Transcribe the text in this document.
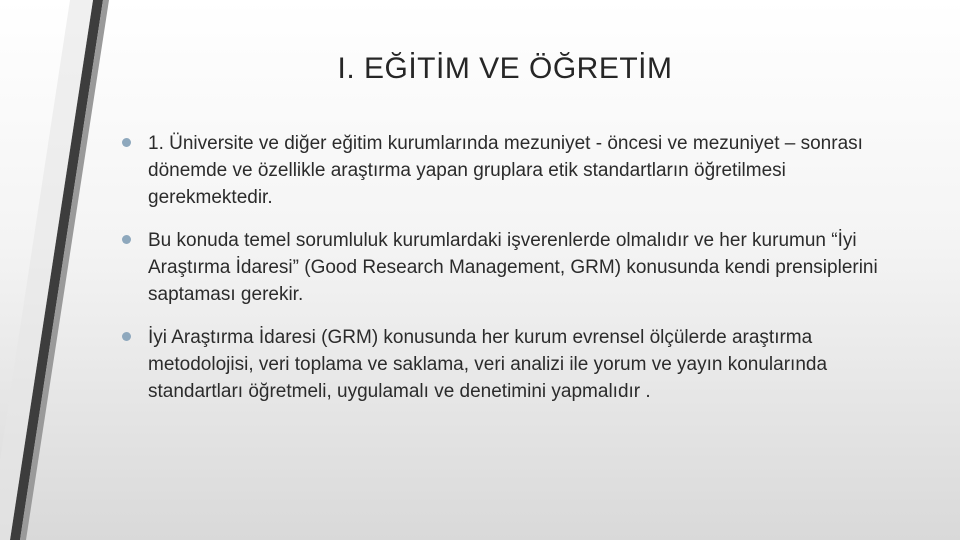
I. EĞİTİM VE ÖĞRETİM
1. Üniversite ve diğer eğitim kurumlarında mezuniyet - öncesi ve mezuniyet – sonrası dönemde ve özellikle araştırma yapan gruplara etik standartların öğretilmesi gerekmektedir.
Bu konuda temel sorumluluk kurumlardaki işverenlerde olmalıdır ve her kurumun “İyi Araştırma İdaresi” (Good Research Management, GRM) konusunda kendi prensiplerini saptaması gerekir.
İyi Araştırma İdaresi (GRM) konusunda her kurum evrensel ölçülerde araştırma metodolojisi, veri toplama ve saklama, veri analizi ile yorum ve yayın konularında standartları öğretmeli, uygulamalı ve denetimini yapmalıdır .
